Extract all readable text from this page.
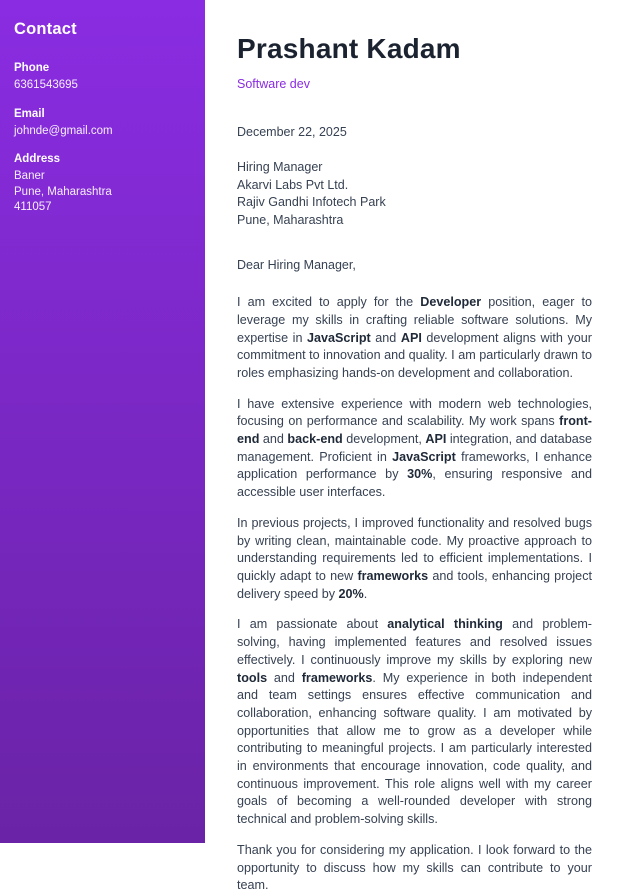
Contact
Phone
6361543695
Email
johnde@gmail.com
Address
Baner
Pune, Maharashtra
411057
Prashant Kadam
Software dev
December 22, 2025
Hiring Manager
Akarvi Labs Pvt Ltd.
Rajiv Gandhi Infotech Park
Pune, Maharashtra
Dear Hiring Manager,

I am excited to apply for the Developer position, eager to leverage my skills in crafting reliable software solutions. My expertise in JavaScript and API development aligns with your commitment to innovation and quality. I am particularly drawn to roles emphasizing hands-on development and collaboration.

I have extensive experience with modern web technologies, focusing on performance and scalability. My work spans front-end and back-end development, API integration, and database management. Proficient in JavaScript frameworks, I enhance application performance by 30%, ensuring responsive and accessible user interfaces.

In previous projects, I improved functionality and resolved bugs by writing clean, maintainable code. My proactive approach to understanding requirements led to efficient implementations. I quickly adapt to new frameworks and tools, enhancing project delivery speed by 20%.

I am passionate about analytical thinking and problem-solving, having implemented features and resolved issues effectively. I continuously improve my skills by exploring new tools and frameworks. My experience in both independent and team settings ensures effective communication and collaboration, enhancing software quality. I am motivated by opportunities that allow me to grow as a developer while contributing to meaningful projects. I am particularly interested in environments that encourage innovation, code quality, and continuous improvement. This role aligns well with my career goals of becoming a well-rounded developer with strong technical and problem-solving skills.

Thank you for considering my application. I look forward to the opportunity to discuss how my skills can contribute to your team.
